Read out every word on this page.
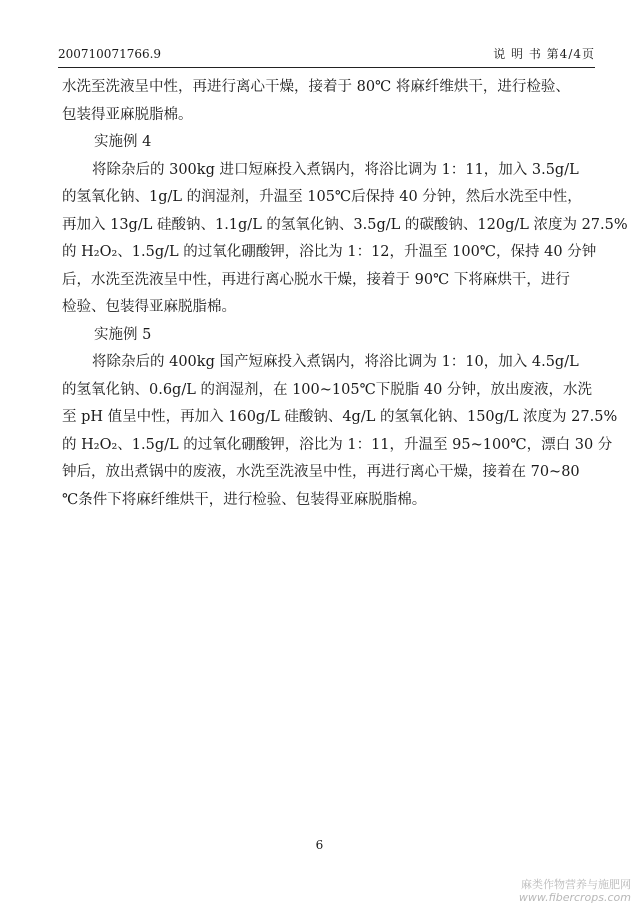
200710071766.9	说 明 书 第4/4页
水洗至洗液呈中性，再进行离心干燥，接着于 80℃ 将麻纤维烘干，进行检验、
包装得亚麻脱脂棉。
实施例 4
将除杂后的 300kg 进口短麻投入煮锅内，将浴比调为 1：11，加入 3.5g/L
的氢氧化钠、1g/L 的润湿剂，升温至 105℃后保持 40 分钟，然后水洗至中性，
再加入 13g/L 硅酸钠、1.1g/L 的氢氧化钠、3.5g/L 的碳酸钠、120g/L 浓度为 27.5%
的 H₂O₂、1.5g/L 的过氧化硼酸钾，浴比为 1：12，升温至 100℃，保持 40 分钟
后，水洗至洗液呈中性，再进行离心脱水干燥，接着于 90℃ 下将麻烘干，进行
检验、包装得亚麻脱脂棉。
实施例 5
将除杂后的 400kg 国产短麻投入煮锅内，将浴比调为 1：10，加入 4.5g/L
的氢氧化钠、0.6g/L 的润湿剂，在 100~105℃下脱脂 40 分钟，放出废液，水洗
至 pH 值呈中性，再加入 160g/L 硅酸钠、4g/L 的氢氧化钠、150g/L 浓度为 27.5%
的 H₂O₂、1.5g/L 的过氧化硼酸钾，浴比为 1：11，升温至 95~100℃，漂白 30 分
钟后，放出煮锅中的废液，水洗至洗液呈中性，再进行离心干燥，接着在 70~80
℃条件下将麻纤维烘干，进行检验、包装得亚麻脱脂棉。
6
麻类作物营养与施肥网
www.fibercrops.com
